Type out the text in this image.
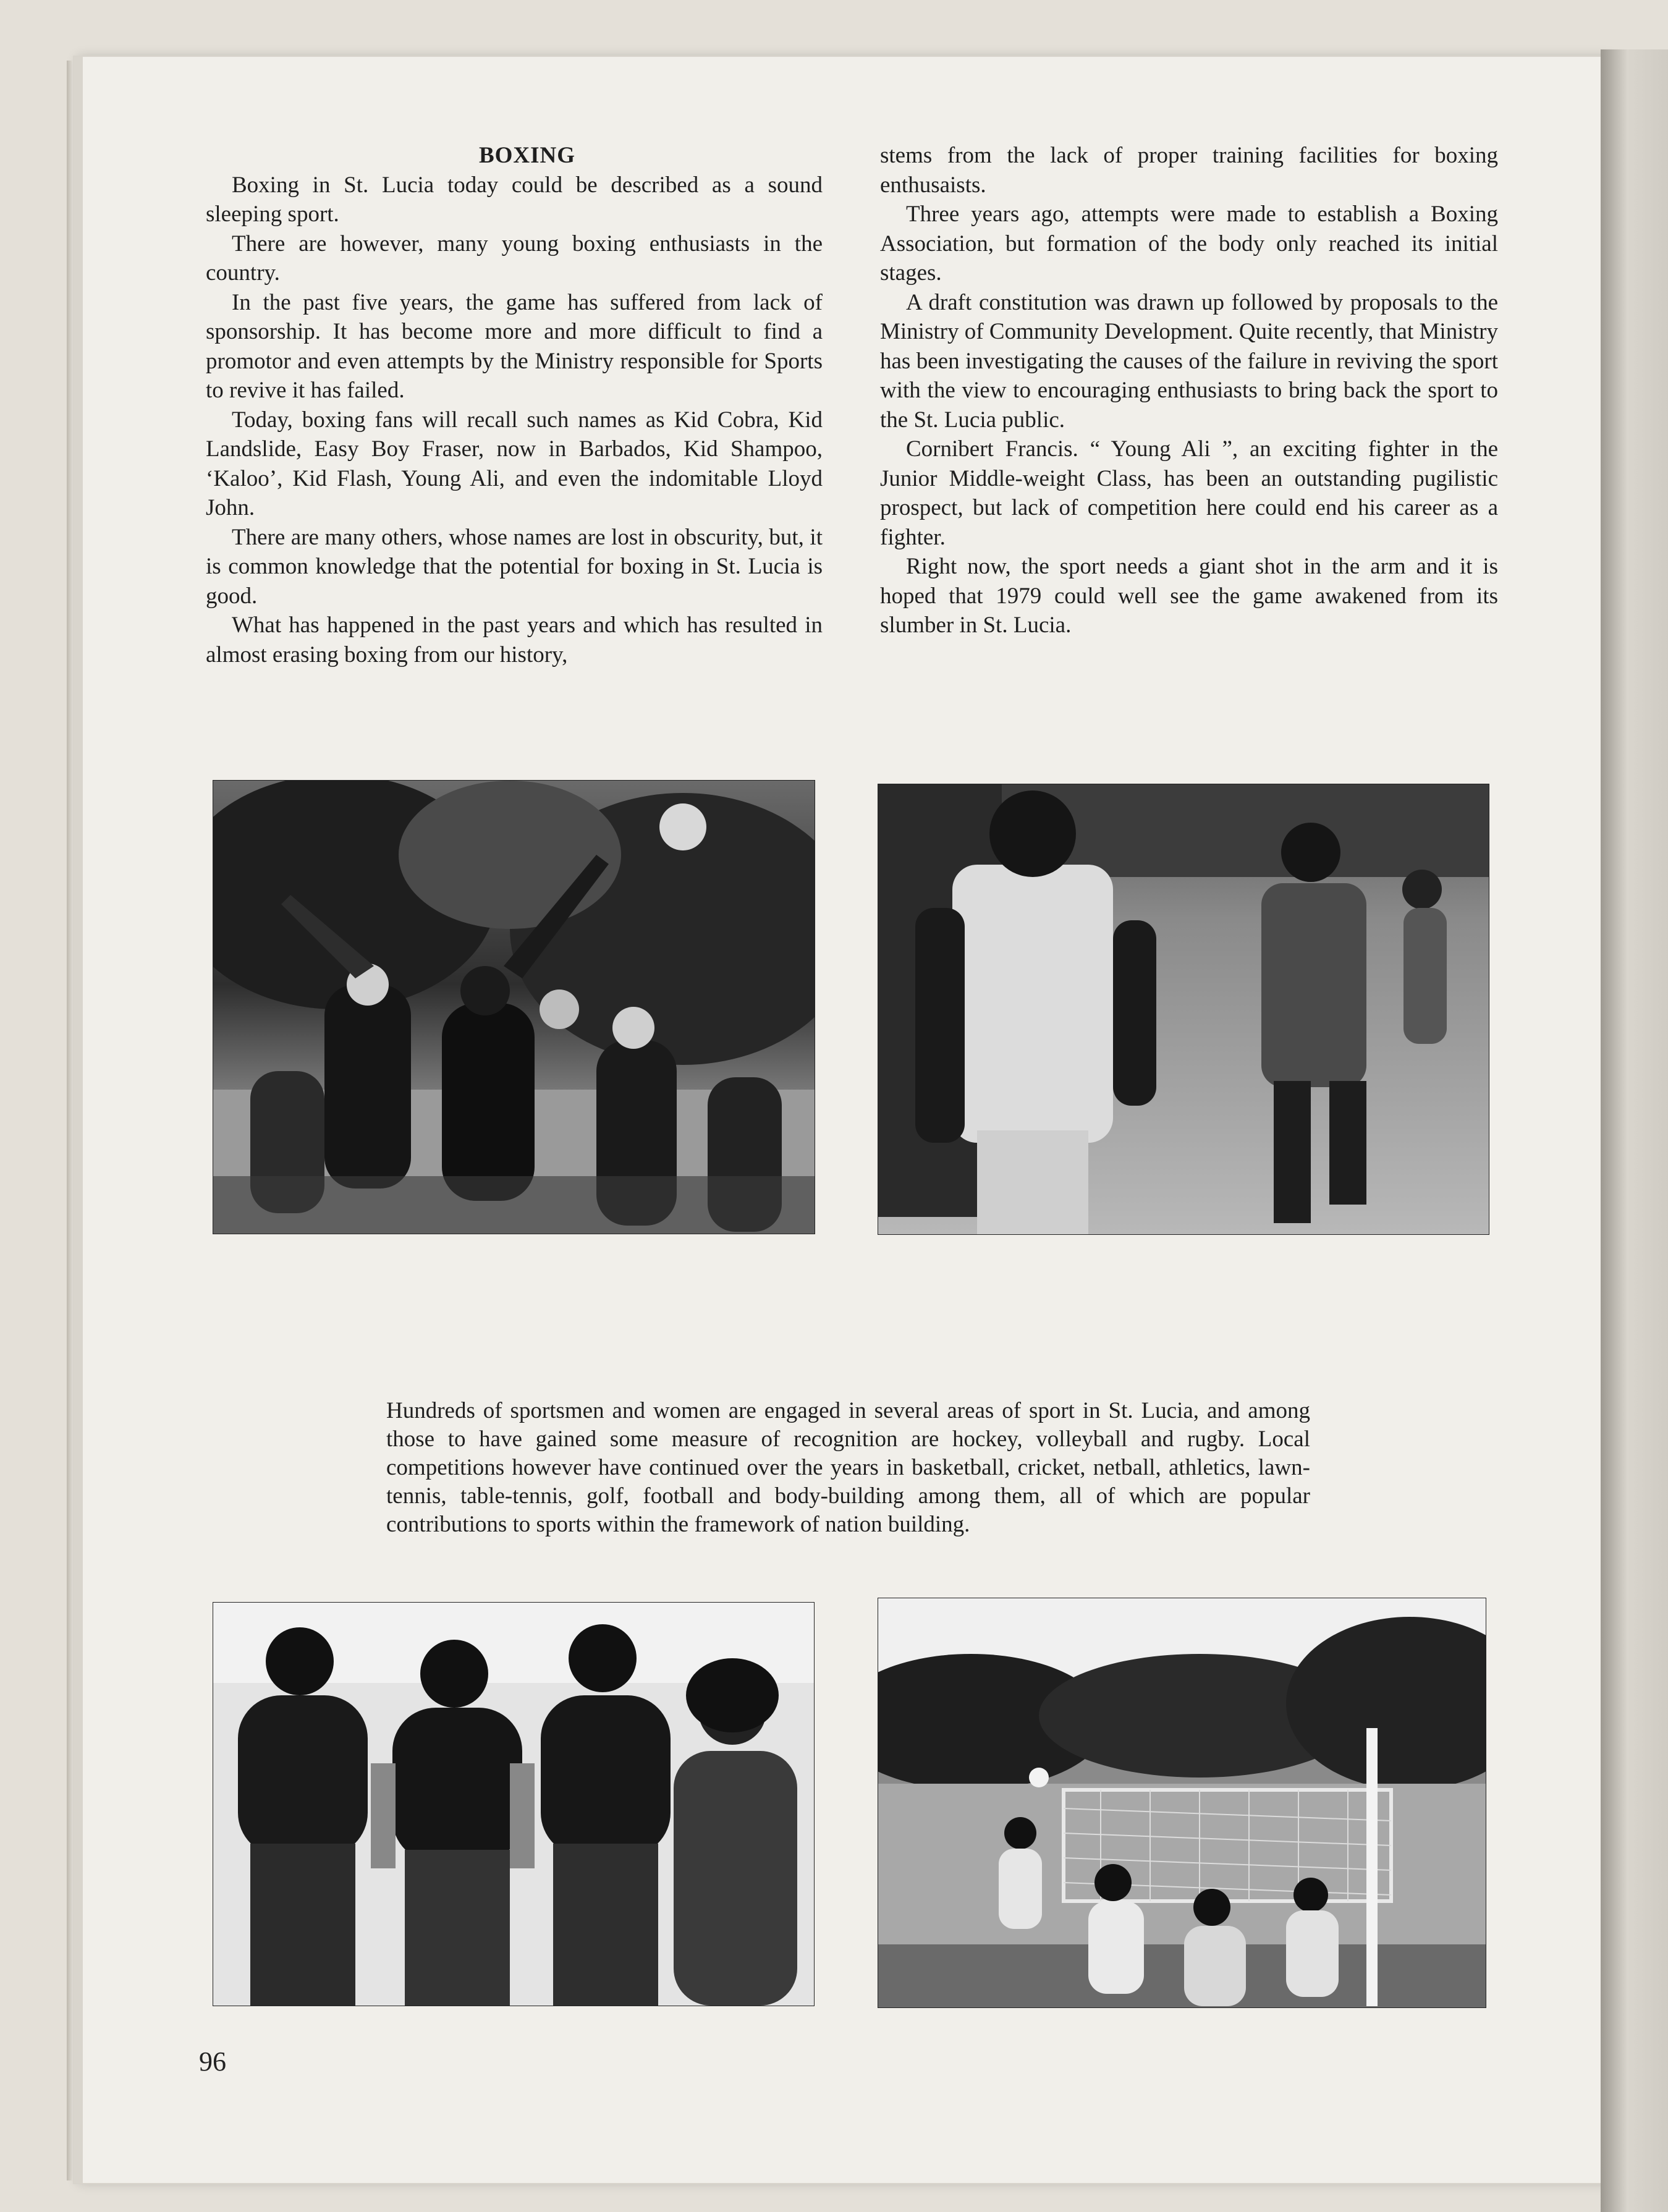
BOXING

Boxing in St. Lucia today could be described as a sound sleeping sport.

There are however, many young boxing enthusiasts in the country.

In the past five years, the game has suffered from lack of sponsorship. It has become more and more difficult to find a promotor and even attempts by the Ministry responsible for Sports to revive it has failed.

Today, boxing fans will recall such names as Kid Cobra, Kid Landslide, Easy Boy Fraser, now in Barbados, Kid Shampoo, ‘Kaloo’, Kid Flash, Young Ali, and even the indomitable Lloyd John.

There are many others, whose names are lost in obscurity, but, it is common knowledge that the potential for boxing in St. Lucia is good.

What has happened in the past years and which has resulted in almost erasing boxing from our history,

stems from the lack of proper training facilities for boxing enthusaists.

Three years ago, attempts were made to establish a Boxing Association, but formation of the body only reached its initial stages.

A draft constitution was drawn up followed by proposals to the Ministry of Community Development. Quite recently, that Ministry has been investigating the causes of the failure in reviving the sport with the view to encouraging enthusiasts to bring back the sport to the St. Lucia public.

Cornibert Francis. “ Young Ali ”, an exciting fighter in the Junior Middle-weight Class, has been an outstanding pugilistic prospect, but lack of competition here could end his career as a fighter.

Right now, the sport needs a giant shot in the arm and it is hoped that 1979 could well see the game awakened from its slumber in St. Lucia.

Hundreds of sportsmen and women are engaged in several areas of sport in St. Lucia, and among those to have gained some measure of recognition are hockey, volleyball and rugby. Local competitions however have continued over the years in basketball, cricket, netball, athletics, lawn-tennis, table-tennis, golf, football and body-building among them, all of which are popular contributions to sports within the framework of nation building.
96
